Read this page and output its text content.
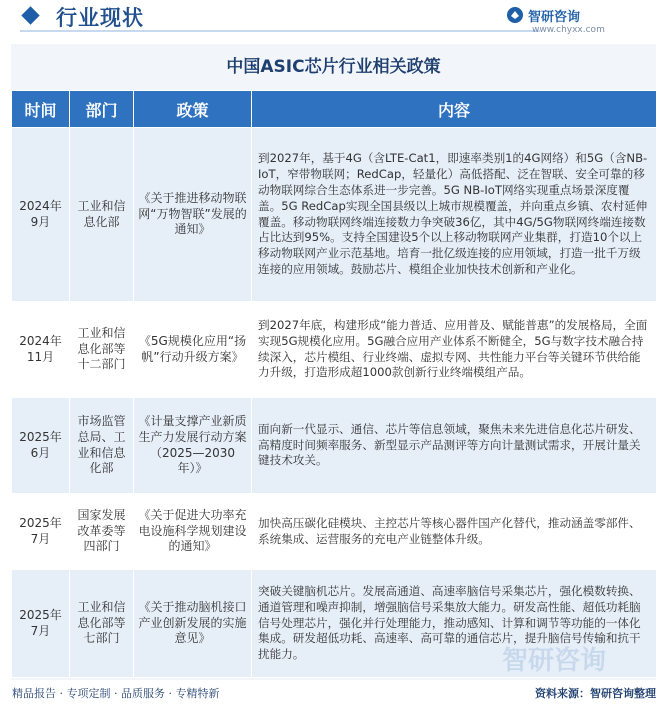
行业现状	智研咨询
www.chyxx.com
中国ASIC芯片行业相关政策
时间	部门	政策	内容
2024年9月	工业和信息化部	《关于推进移动物联网“万物智联”发展的通知》	到2027年，基于4G（含LTE-Cat1，即速率类别1的4G网络）和5G（含NB-IoT，窄带物联网；RedCap，轻量化）高低搭配、泛在智联、安全可靠的移动物联网综合生态体系进一步完善。5G NB-IoT网络实现重点场景深度覆盖。5G RedCap实现全国县级以上城市规模覆盖，并向重点乡镇、农村延伸覆盖。移动物联网终端连接数力争突破36亿，其中4G/5G物联网终端连接数占比达到95%。支持全国建设5个以上移动物联网产业集群，打造10个以上移动物联网产业示范基地。培育一批亿级连接的应用领域，打造一批千万级连接的应用领域。鼓励芯片、模组企业加快技术创新和产业化。
2024年11月	工业和信息化部等十二部门	《5G规模化应用“扬帆”行动升级方案》	到2027年底，构建形成“能力普适、应用普及、赋能普惠”的发展格局，全面实现5G规模化应用。5G融合应用产业体系不断健全，5G与数字技术融合持续深入，芯片模组、行业终端、虚拟专网、共性能力平台等关键环节供给能力升级，打造形成超1000款创新行业终端模组产品。
2025年6月	市场监管总局、工业和信息化部	《计量支撑产业新质生产力发展行动方案（2025—2030年）》	面向新一代显示、通信、芯片等信息领域，聚焦未来先进信息化芯片研发、高精度时间频率服务、新型显示产品测评等方向计量测试需求，开展计量关键技术攻关。
2025年7月	国家发展改革委等四部门	《关于促进大功率充电设施科学规划建设的通知》	加快高压碳化硅模块、主控芯片等核心器件国产化替代，推动涵盖零部件、系统集成、运营服务的充电产业链整体升级。
2025年7月	工业和信息化部等七部门	《关于推动脑机接口产业创新发展的实施意见》	突破关键脑机芯片。发展高通道、高速率脑信号采集芯片，强化模数转换、通道管理和噪声抑制，增强脑信号采集放大能力。研发高性能、超低功耗脑信号处理芯片，强化并行处理能力，推动感知、计算和调节等功能的一体化集成。研发超低功耗、高速率、高可靠的通信芯片，提升脑信号传输和抗干扰能力。	智研咨询
精品报告 · 专项定制 · 品质服务 · 专精特新	资料来源：智研咨询整理
